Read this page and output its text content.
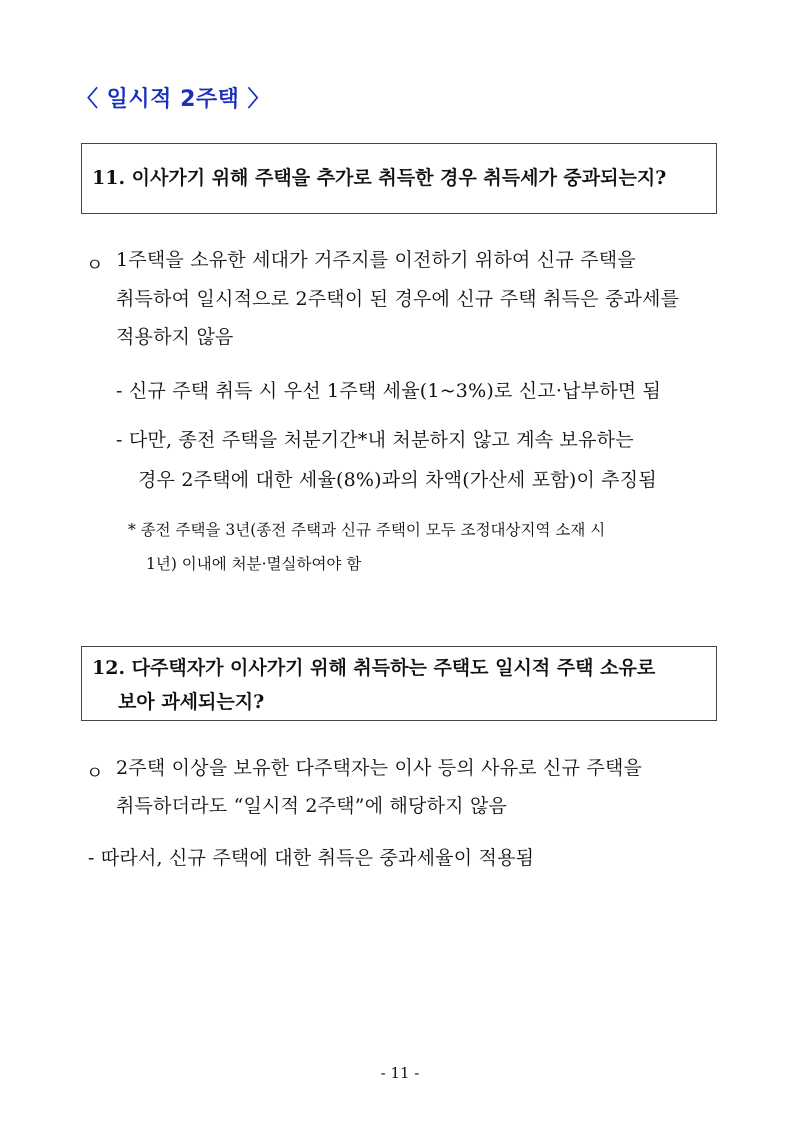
〈 일시적 2주택 〉
11. 이사가기 위해 주택을 추가로 취득한 경우 취득세가 중과되는지?
ㅇ 1주택을 소유한 세대가 거주지를 이전하기 위하여 신규 주택을
취득하여 일시적으로 2주택이 된 경우에 신규 주택 취득은 중과세를
적용하지 않음
- 신규 주택 취득 시 우선 1주택 세율(1~3%)로 신고·납부하면 됨
- 다만, 종전 주택을 처분기간*내 처분하지 않고 계속 보유하는
경우 2주택에 대한 세율(8%)과의 차액(가산세 포함)이 추징됨
* 종전 주택을 3년(종전 주택과 신규 주택이 모두 조정대상지역 소재 시
1년) 이내에 처분·멸실하여야 함
12. 다주택자가 이사가기 위해 취득하는 주택도 일시적 주택 소유로
보아 과세되는지?
ㅇ 2주택 이상을 보유한 다주택자는 이사 등의 사유로 신규 주택을
취득하더라도 “일시적 2주택”에 해당하지 않음
- 따라서, 신규 주택에 대한 취득은 중과세율이 적용됨
- 11 -
